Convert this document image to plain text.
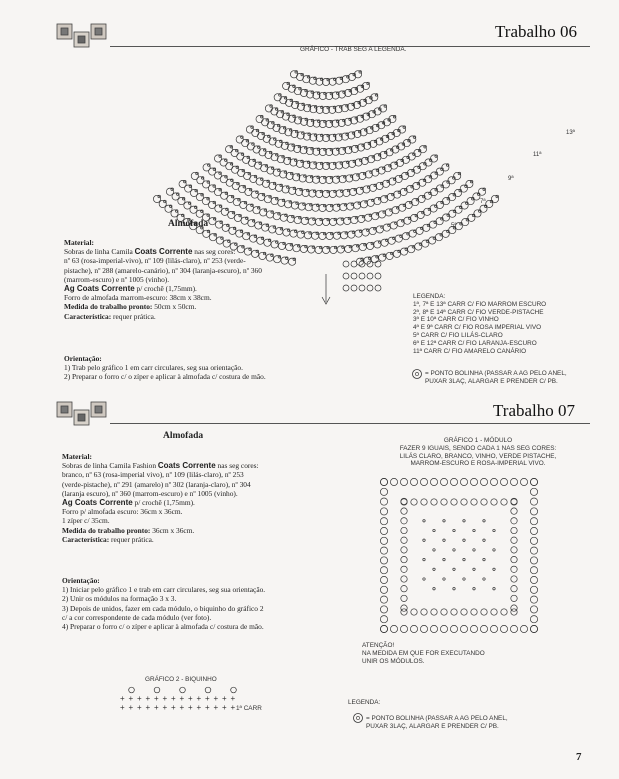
Trabalho 06
GRÁFICO - TRAB SEG A LEGENDA.
13ª
11ª
9ª
7ª
5ª
Almofada
Material:
Sobras de linha Camila Coats Corrente nas seg cores:
nº 63 (rosa-imperial-vivo), nº 109 (lilás-claro), nº 253 (verde-
pistache), nº 288 (amarelo-canário), nº 304 (laranja-escuro), nº 360
(marrom-escuro) e nº 1005 (vinho).
Ag Coats Corrente p/ crochê (1,75mm).
Forro de almofada marrom-escuro: 38cm x 38cm.
Medida do trabalho pronto: 50cm x 50cm.
Característica: requer prática.
Orientação:
1) Trab pelo gráfico 1 em carr circulares, seg sua orientação.
2) Preparar o forro c/ o zíper e aplicar à almofada c/ costura de mão.
LEGENDA:
1ª, 7ª E 13ª CARR C/ FIO MARROM ESCURO
2ª, 8ª E 14ª CARR C/ FIO VERDE-PISTACHE
3ª E 10ª CARR C/ FIO VINHO
4ª E 9ª CARR C/ FIO ROSA IMPERIAL VIVO
5ª CARR C/ FIO LILÁS-CLARO
6ª E 12ª CARR C/ FIO LARANJA-ESCURO
11ª CARR C/ FIO AMARELO CANÁRIO
= PONTO BOLINHA (PASSAR A AG PELO ANEL,
PUXAR 3LAÇ, ALARGAR E PRENDER C/ PB.
Trabalho 07
Almofada
Material:
Sobras de linha Camila Fashion Coats Corrente nas seg cores:
branco, nº 63 (rosa-imperial vivo), nº 109 (lilás-claro), nº 253
(verde-pistache), nº 291 (amarelo) nº 302 (laranja-claro), nº 304
(laranja escuro), nº 360 (marrom-escuro) e nº 1005 (vinho).
Ag Coats Corrente p/ crochê (1,75mm).
Forro p/ almofada escuro: 36cm x 36cm.
1 zíper c/ 35cm.
Medida do trabalho pronto: 36cm x 36cm.
Característica: requer prática.
Orientação:
1) Iniciar pelo gráfico 1 e trab em carr circulares, seg sua orientação.
2) Unir os módulos na formação 3 x 3.
3) Depois de unidos, fazer em cada módulo, o biquinho do gráfico 2
c/ a cor correspondente de cada módulo (ver foto).
4) Preparar o forro c/ o zíper e aplicar à almofada c/ costura de mão.
GRÁFICO 1 - MÓDULO
FAZER 9 IGUAIS, SENDO CADA 1 NAS SEG CORES:
LILÁS CLARO, BRANCO, VINHO, VERDE PISTACHE,
MARROM-ESCURO E ROSA-IMPERIAL VIVO.
ATENÇÃO!
NA MEDIDA EM QUE FOR EXECUTANDO
UNIR OS MÓDULOS.
GRÁFICO 2 - BIQUINHO
+
+
+
+
+
+
+
+
+
+
+
+
+
+
+
+
+
+
+
+
+
+
+
+
+
+
+
+
1ª CARR
LEGENDA:
= PONTO BOLINHA (PASSAR A AG PELO ANEL,
PUXAR 3LAÇ, ALARGAR E PRENDER C/ PB.
7
